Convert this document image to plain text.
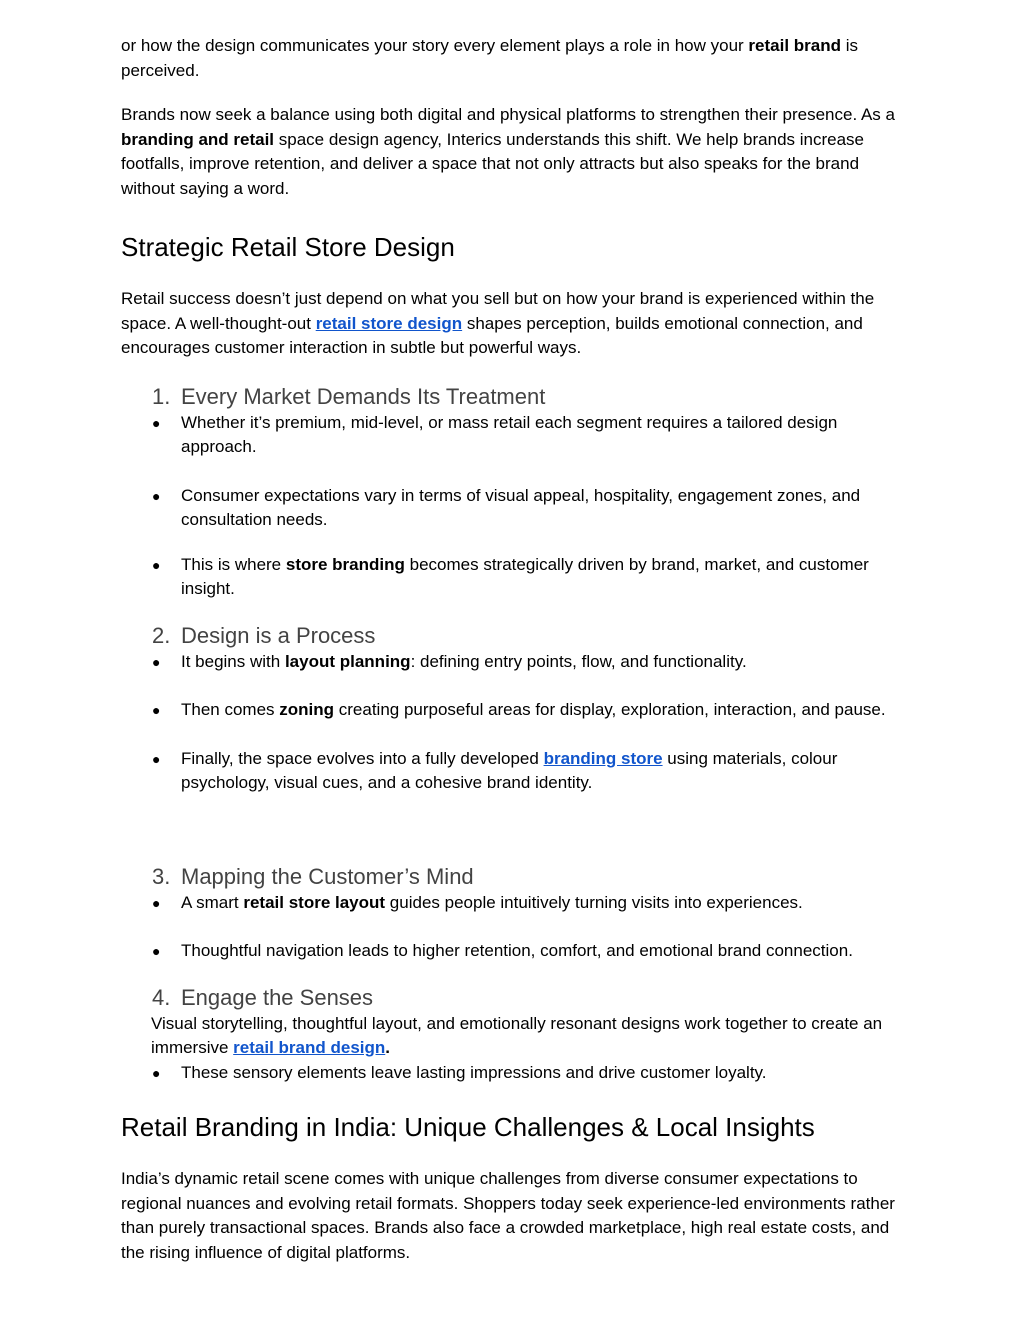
or how the design communicates your story every element plays a role in how your retail brand is perceived.

Brands now seek a balance using both digital and physical platforms to strengthen their presence. As a branding and retail space design agency, Interics understands this shift. We help brands increase footfalls, improve retention, and deliver a space that not only attracts but also speaks for the brand without saying a word.

Strategic Retail Store Design

Retail success doesn’t just depend on what you sell but on how your brand is experienced within the space. A well-thought-out retail store design shapes perception, builds emotional connection, and encourages customer interaction in subtle but powerful ways.

1. Every Market Demands Its Treatment
● Whether it’s premium, mid-level, or mass retail each segment requires a tailored design approach.
● Consumer expectations vary in terms of visual appeal, hospitality, engagement zones, and consultation needs.
● This is where store branding becomes strategically driven by brand, market, and customer insight.
2. Design is a Process
● It begins with layout planning: defining entry points, flow, and functionality.
● Then comes zoning creating purposeful areas for display, exploration, interaction, and pause.
● Finally, the space evolves into a fully developed branding store using materials, colour psychology, visual cues, and a cohesive brand identity.
3. Mapping the Customer’s Mind
● A smart retail store layout guides people intuitively turning visits into experiences.
● Thoughtful navigation leads to higher retention, comfort, and emotional brand connection.
4. Engage the Senses

Visual storytelling, thoughtful layout, and emotionally resonant designs work together to create an immersive retail brand design.

● These sensory elements leave lasting impressions and drive customer loyalty.
Retail Branding in India: Unique Challenges & Local Insights

India’s dynamic retail scene comes with unique challenges from diverse consumer expectations to regional nuances and evolving retail formats. Shoppers today seek experience-led environments rather than purely transactional spaces. Brands also face a crowded marketplace, high real estate costs, and the rising influence of digital platforms.
